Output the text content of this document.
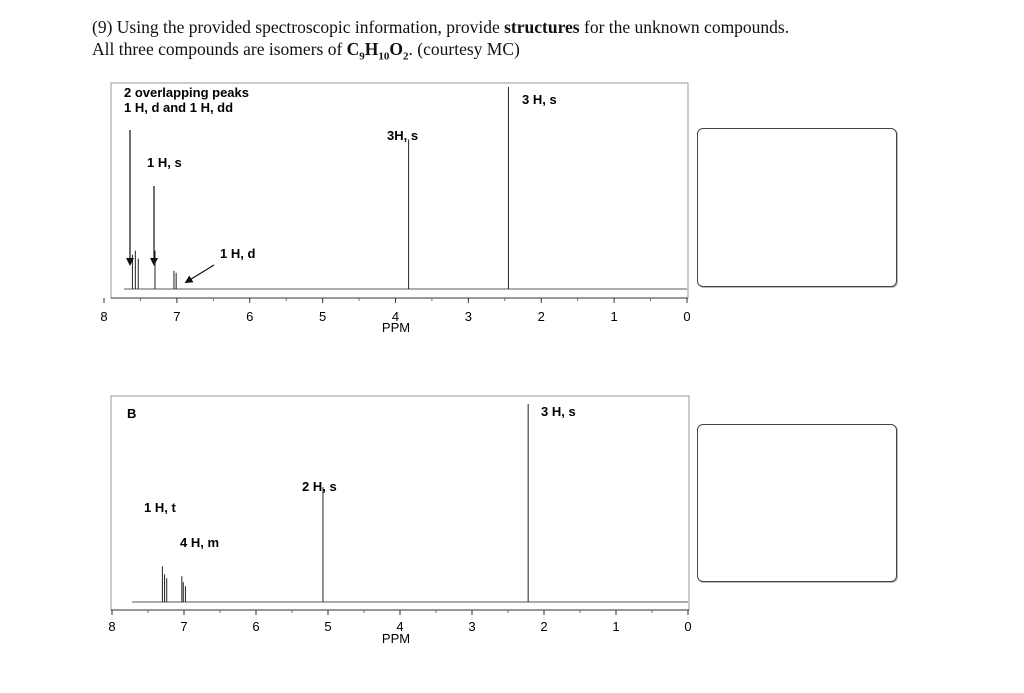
(9) Using the provided spectroscopic information, provide structures for the unknown compounds.
All three compounds are isomers of $C_9H_{10}O_2$. (courtesy MC)
8	7	6	5	4	3	2	1	0
2 overlapping peaks
1 H, d and 1 H, dd
1 H, s
1 H, d
3H, s
3 H, s
PPM
8	7	6	5	4	3	2	1	0
B
1 H, t
4 H, m
2 H, s
3 H, s
PPM
